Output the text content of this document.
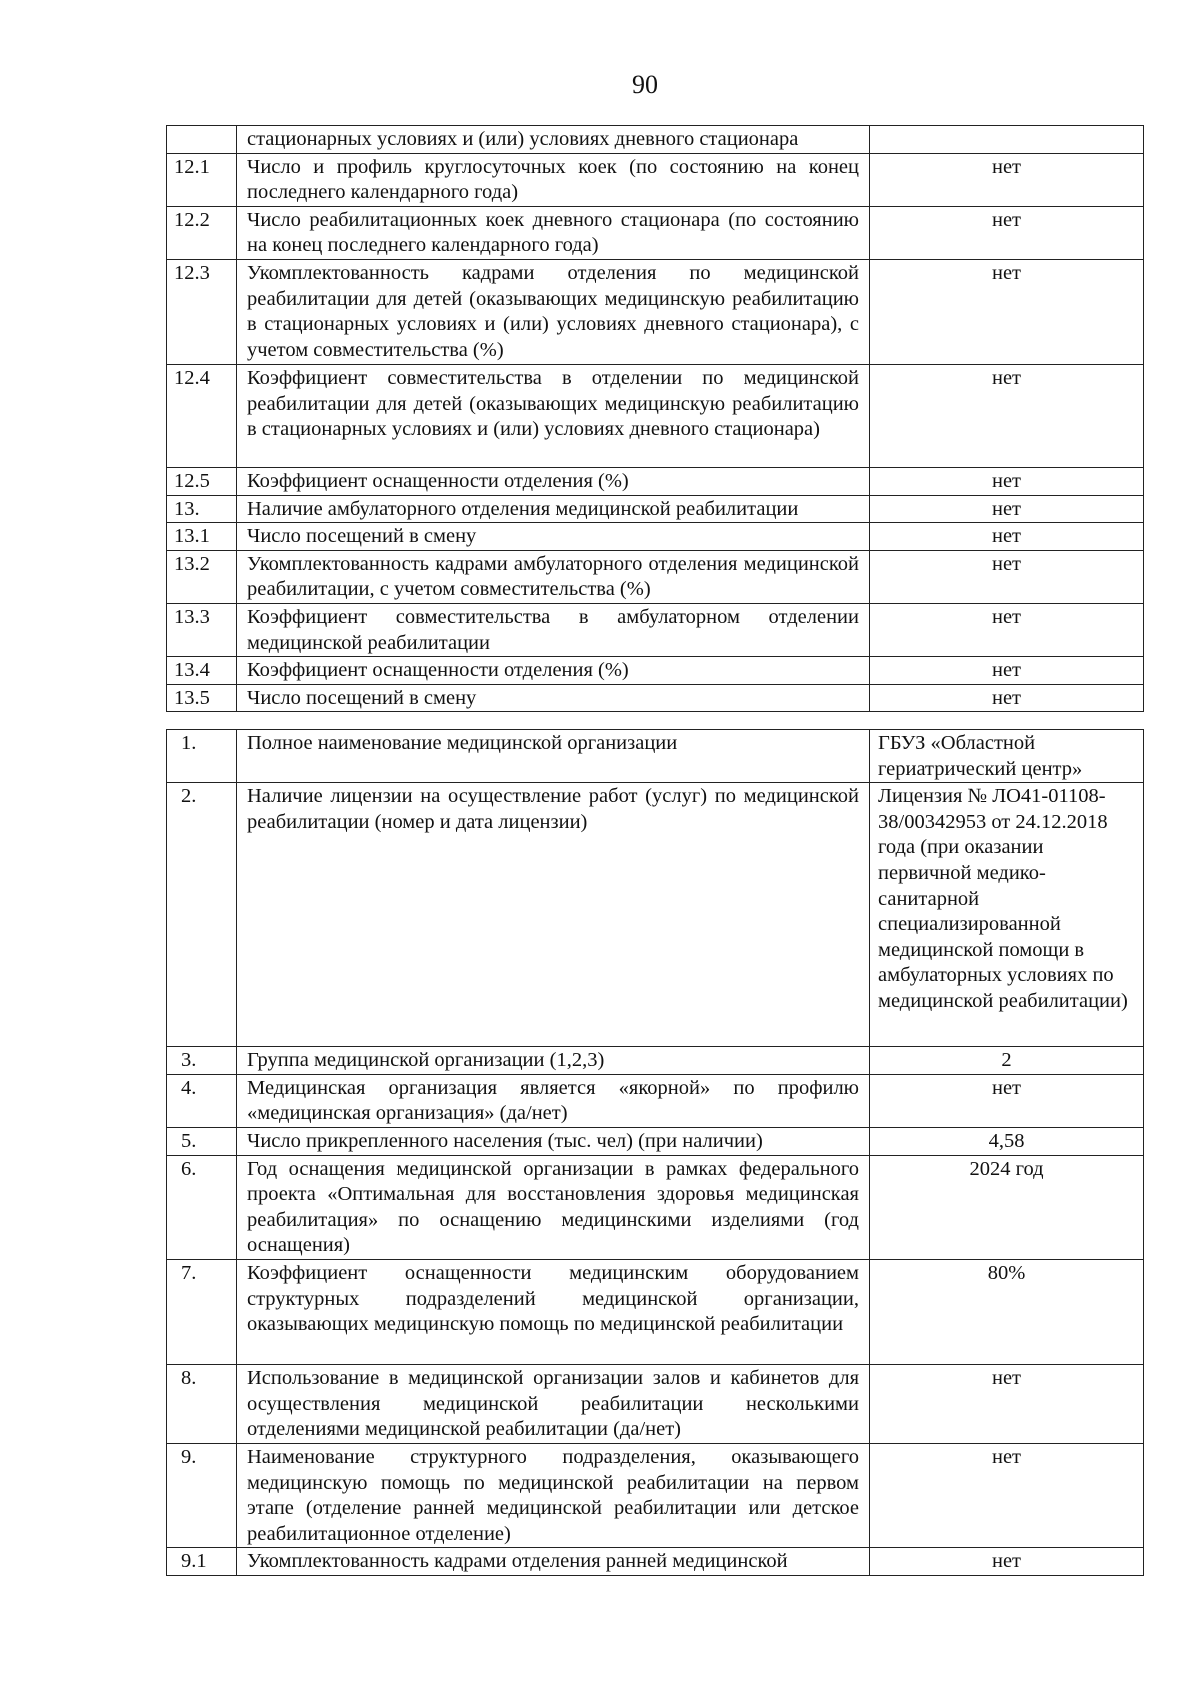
90
	стационарных условиях и (или) условиях дневного стационара	
12.1	Число и профиль круглосуточных коек (по состоянию на конец последнего календарного года)	нет
12.2	Число реабилитационных коек дневного стационара (по состоянию на конец последнего календарного года)	нет
12.3	Укомплектованность кадрами отделения по медицинской реабилитации для детей (оказывающих медицинскую реабилитацию в стационарных условиях и (или) условиях дневного стационара), с учетом совместительства (%)	нет
12.4	Коэффициент совместительства в отделении по медицинской реабилитации для детей (оказывающих медицинскую реабилитацию в стационарных условиях и (или) условиях дневного стационара)	нет
12.5	Коэффициент оснащенности отделения (%)	нет
13.	Наличие амбулаторного отделения медицинской реабилитации	нет
13.1	Число посещений в смену	нет
13.2	Укомплектованность кадрами амбулаторного отделения медицинской реабилитации, с учетом совместительства (%)	нет
13.3	Коэффициент совместительства в амбулаторном отделении медицинской реабилитации	нет
13.4	Коэффициент оснащенности отделения (%)	нет
13.5	Число посещений в смену	нет
1.	Полное наименование медицинской организации	ГБУЗ «Областной гериатрический центр»
2.	Наличие лицензии на осуществление работ (услуг) по медицинской реабилитации (номер и дата лицензии)	Лицензия № ЛО41-01108-38/00342953 от 24.12.2018 года (при оказании первичной медико-санитарной специализированной медицинской помощи в амбулаторных условиях по медицинской реабилитации)
3.	Группа медицинской организации (1,2,3)	2
4.	Медицинская организация является «якорной» по профилю «медицинская организация» (да/нет)	нет
5.	Число прикрепленного населения (тыс. чел) (при наличии)	4,58
6.	Год оснащения медицинской организации в рамках федерального проекта «Оптимальная для восстановления здоровья медицинская реабилитация» по оснащению медицинскими изделиями (год оснащения)	2024 год
7.	Коэффициент оснащенности медицинским оборудованием структурных подразделений медицинской организации, оказывающих медицинскую помощь по медицинской реабилитации	80%
8.	Использование в медицинской организации залов и кабинетов для осуществления медицинской реабилитации несколькими отделениями медицинской реабилитации (да/нет)	нет
9.	Наименование структурного подразделения, оказывающего медицинскую помощь по медицинской реабилитации на первом этапе (отделение ранней медицинской реабилитации или детское реабилитационное отделение)	нет
9.1	Укомплектованность кадрами отделения ранней медицинской	нет
